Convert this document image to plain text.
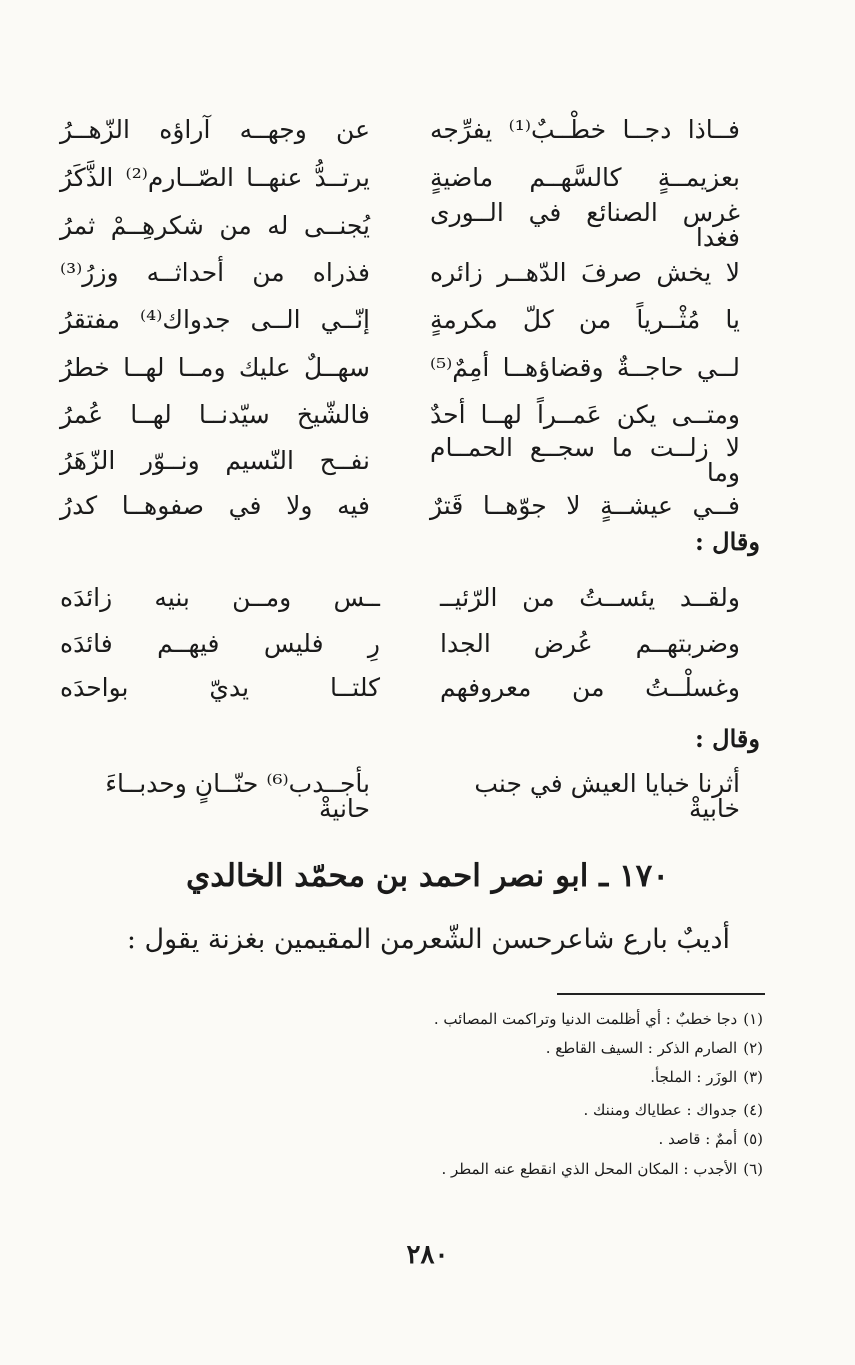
فــاذا دجــا خطْــبٌ⁽¹⁾ يفرِّجه
عن وجهــه آراؤه الزّهــرُ
بعزيمــةٍ كالسَّهــم ماضيةٍ
يرتــدُّ عنهــا الصّــارم⁽²⁾ الذَّكَرُ
غرس الصنائع في الــورى فغدا
يُجنــى له من شكرهِــمْ ثمرُ
لا يخش صرفَ الدّهــر زائره
فذراه من أحداثــه وزرُ⁽³⁾
يا مُثْــرياً من كلّ مكرمةٍ
إنّــي الــى جدواك⁽⁴⁾ مفتقرُ
لــي حاجــةٌ وقضاؤهــا أمِمٌ⁽⁵⁾
سهــلٌ عليك ومــا لهــا خطرُ
ومتــى يكن عَمــراً لهــا أحدٌ
فالشّيخ سيّدنــا لهــا عُمرُ
لا زلــت ما سجــع الحمــام وما
نفــح النّسيم ونــوّر الزّهَرُ
فــي عيشــةٍ لا جوّهــا قَترٌ
فيه ولا في صفوهــا كدرُ
وقال :
ولقــد يئســتُ من الرّئيــ
ــس ومــن بنيه زائدَه
وضربتهــم عُرض الجدا
رِ فليس فيهــم فائدَه
وغسلْــتُ من معروفهم
كلتــا يديّ بواحدَه
وقال :
أثرنا خبايا العيش في جنب خابيةْ
بأجــدب⁽⁶⁾ حنّــانٍ وحدبــاءَ حانيةْ
١٧٠ ـ ابو نصر احمد بن محمّد الخالدي
أديبٌ بارع شاعرحسن الشّعرمن المقيمين بغزنة يقول :
(١)دجا خطبٌ : أي أظلمت الدنيا وتراكمت المصائب .
(٢)الصارم الذكر : السيف القاطع .
(٣)الوزَر : الملجأ.
(٤)جدواك : عطاياك ومننك .
(٥)أممٌ : قاصد .
(٦)الأجدب : المكان المحل الذي انقطع عنه المطر .
٢٨٠
